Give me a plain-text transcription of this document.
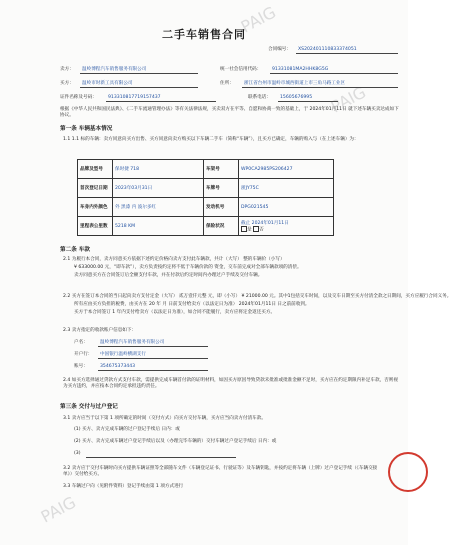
PAIG
PAIG
PAIG
二手车销售合同
合同编号： XS202401110833374051
卖方： 温岭博程汽车销售服务有限公司	统一社会信用代码： 91331081MA2HHK8G5G
买方： 温岭市时新工具有限公司	住所： 浙江省台州市温岭市城西街道上市三角马路工业区
证件名称及号码： 913310817719157437	联系电话： 15605676995
根据《中华人民共和国民法典》、《二手车流通管理办法》等有关法律法规，买卖双方在平等、自愿和协商一致的基础上，于 2024年01月11日 就下述车辆买卖达成如下协议。
第一条 车辆基本情况
1.1 1.1 标的车辆：卖方同意向买方出售、买方同意向卖方购买以下车辆二手车（简称“车辆”），且买方已确定，车辆的购入与（在上述车辆）为：
品牌及型号	保时捷 718	车架号	WP0CA2985PS206427
首次登记日期	2023年03月31日	车牌号	浙JY75C
车身内外颜色	外 黑漆 内 波尔多红	发动机号	DPG021545
里程表公里数	5218 KM	保险状况	截止 2024年01月11日
是 否
第二条 车款
2.1 为履行本合同，卖方同意买方依据下述约定价格向卖方支付此车辆款，共计（大写） 整的车辆价（小写）
¥ 633000.00 元，“即车款”），卖方负责按约定将不低于车辆价款的 资金，交车前完成对全部车辆款项的清偿。
卖方同意买方在合同签订后全额支付车款，并在付款后约定时间内办理过户手续及交付车辆。
2.2 买方在签订本合同的当日起向卖方支付定金（大写） 贰万壹仟元整 元，即（小写） ¥ 21000.00 元。其中1包括交车时间，以及交车日期至买方付清全款之日期间，买方应履行合同义务。
所有应由买方负担的税费，由买方在 20 年 月 日前支付给卖方（以法定日为准） 2024年01月11日 日之前前收到。
买方于本合同签订 1 年内支付给卖方（以法定日为准），如合同不能履行，卖方应将定金返还买方。
2.3 卖方指定的收款账户信息如下：
户名：	温岭博程汽车销售服务有限公司
开户行： 中国银行温岭横湖支行
账号：	354675373443
2.4 如买方选择通过贷款方式支付车款，需提供完成车辆首付款的证明材料，如因买方原因导致贷款未批准或批准金额不足时，买方应在约定期限内补足车款，否则视为买方违约，并应按本合同约定承担违约责任。
第三条 交付与过户登记
3.1 卖方应当于以下第 1 项所确定的时间（交付方式）向买方交付车辆，买方应当向卖方付清车款。
(1) 买方、卖方完成车辆的过户登记手续后 日内：或
(2) 买方、卖方完成车辆过户登记手续后以及（办理完毕车辆的）交付车辆过户登记手续后 日内：或
(3)
3.2 卖方应于交付车辆时向买方提供车辆证照等全部随车文件（车辆登记证书、行驶证等）及车辆钥匙，并按约定将车辆（上牌）过户登记手续（《车辆交接单》）交付给买方。
3.3 车辆过户向（见附件资料）登记手续由第 1 项方式进行
